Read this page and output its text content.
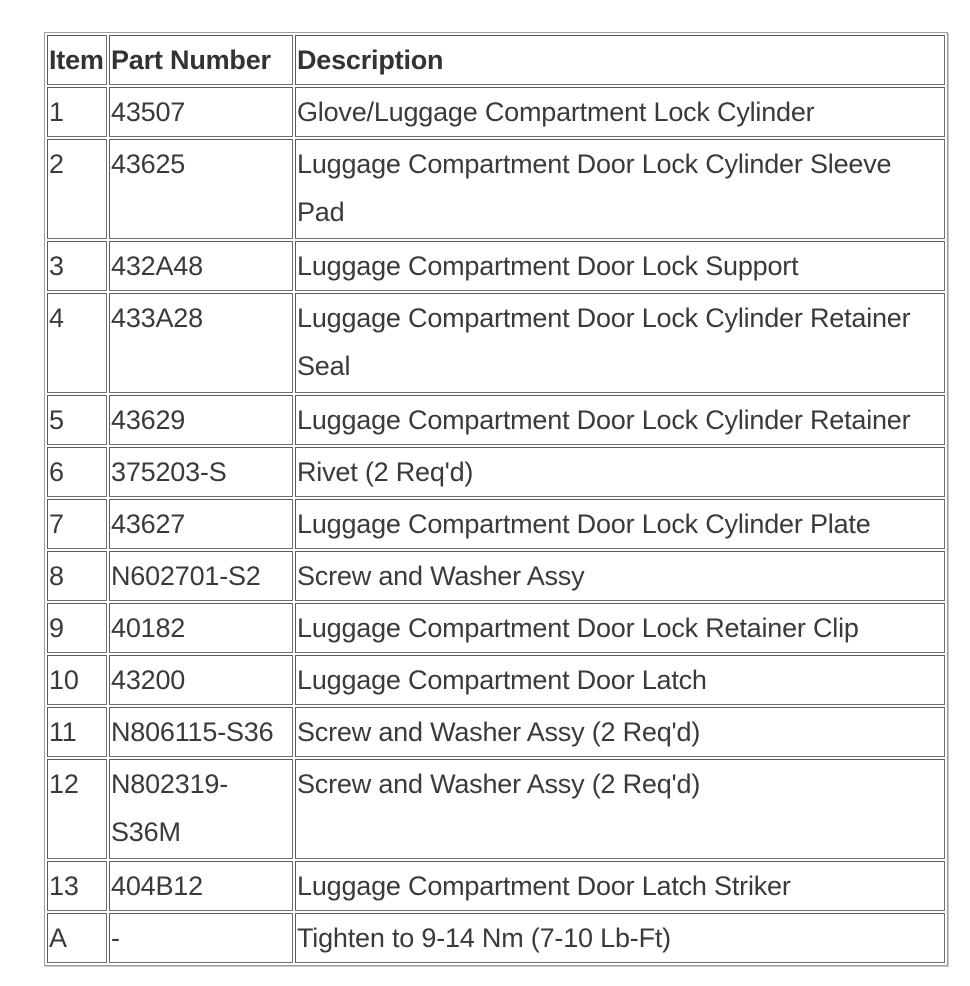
Item	Part Number	Description
1	43507	Glove/Luggage Compartment Lock Cylinder
2	43625	Luggage Compartment Door Lock Cylinder Sleeve Pad
3	432A48	Luggage Compartment Door Lock Support
4	433A28	Luggage Compartment Door Lock Cylinder Retainer Seal
5	43629	Luggage Compartment Door Lock Cylinder Retainer
6	375203-S	Rivet (2 Req'd)
7	43627	Luggage Compartment Door Lock Cylinder Plate
8	N602701-S2	Screw and Washer Assy
9	40182	Luggage Compartment Door Lock Retainer Clip
10	43200	Luggage Compartment Door Latch
11	N806115-S36	Screw and Washer Assy (2 Req'd)
12	N802319-S36M	Screw and Washer Assy (2 Req'd)
13	404B12	Luggage Compartment Door Latch Striker
A	-	Tighten to 9-14 Nm (7-10 Lb-Ft)
